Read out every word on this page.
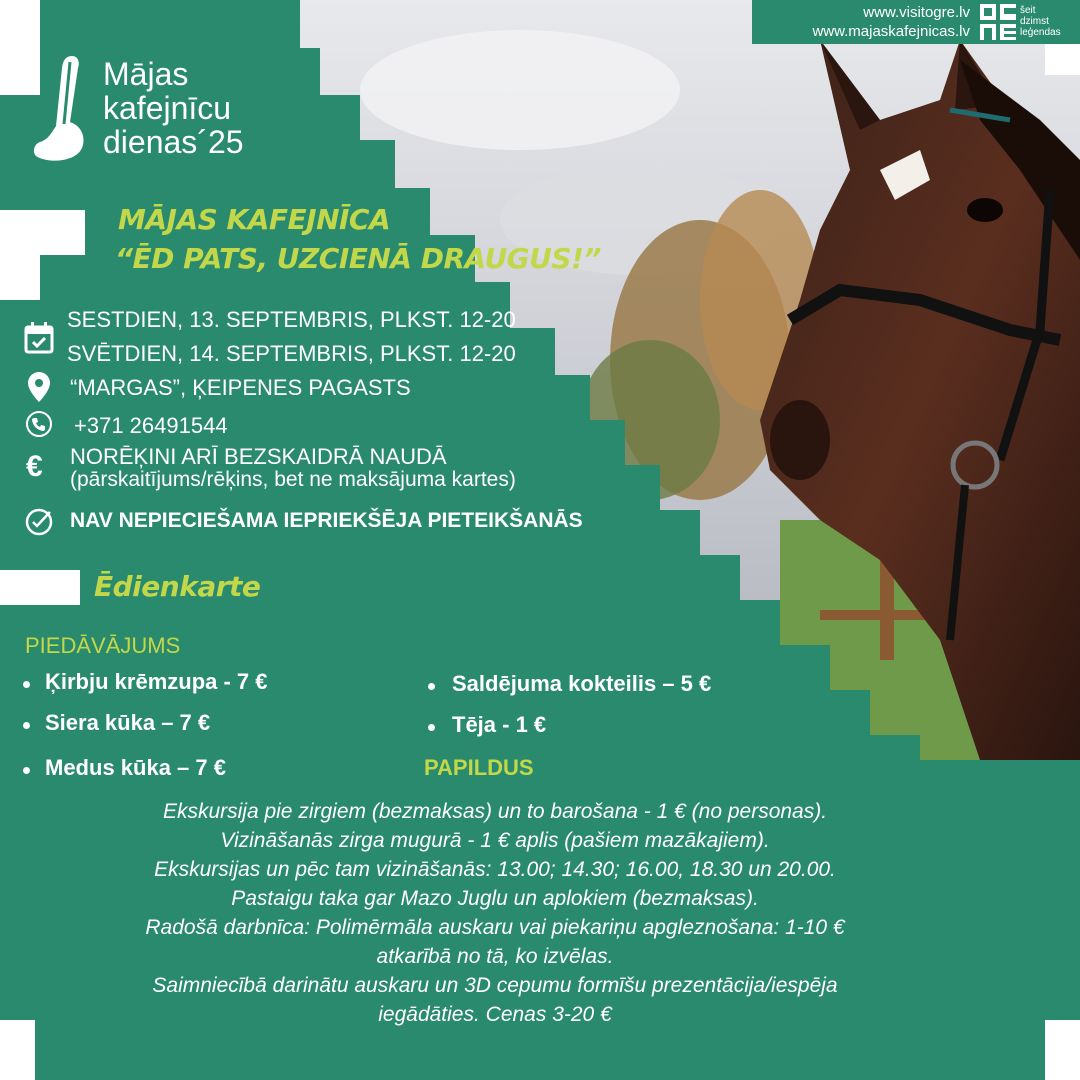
www.visitogre.lv
www.majaskafejnicas.lv
šeit
dzimst
leģendas
Mājas
kafejnīcu
dienas´25
MĀJAS KAFEJNĪCA
“ĒD PATS, UZCIENĀ DRAUGUS!”
SESTDIEN, 13. SEPTEMBRIS, PLKST. 12-20
SVĒTDIEN, 14. SEPTEMBRIS, PLKST. 12-20
“MARGAS”, ĶEIPENES PAGASTS
+371 26491544
€ NORĒĶINI ARĪ BEZSKAIDRĀ NAUDĀ
(pārskaitījums/rēķins, bet ne maksājuma kartes)
NAV NEPIECIEŠAMA IEPRIEKŠĒJA PIETEIKŠANĀS
Ēdienkarte
PIEDĀVĀJUMS
Ķirbju krēmzupa - 7 €
Siera kūka – 7 €
Medus kūka – 7 €
Saldējuma kokteilis – 5 €
Tēja - 1 €
PAPILDUS
Ekskursija pie zirgiem (bezmaksas) un to barošana - 1 € (no personas).
Vizināšanās zirga mugurā - 1 € aplis (pašiem mazākajiem).
Ekskursijas un pēc tam vizināšanās: 13.00; 14.30; 16.00, 18.30 un 20.00.
Pastaigu taka gar Mazo Juglu un aplokiem (bezmaksas).
Radošā darbnīca: Polimērmāla auskaru vai piekariņu apgleznošana: 1-10 €
atkarībā no tā, ko izvēlas.
Saimniecībā darinātu auskaru un 3D cepumu formīšu prezentācija/iespēja
iegādāties. Cenas 3-20 €
